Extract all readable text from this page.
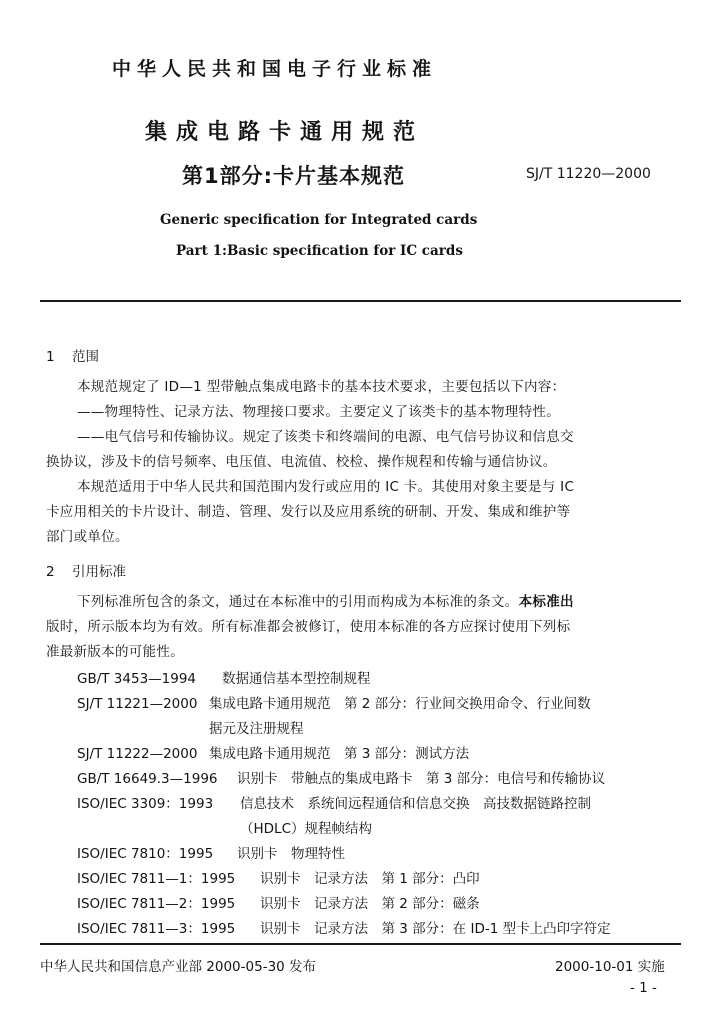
中华人民共和国电子行业标准
集成电路卡通用规范
第1部分:卡片基本规范	SJ/T 11220—2000
Generic specification for Integrated cards
Part 1:Basic specification for IC cards
1 范围
本规范规定了 ID—1 型带触点集成电路卡的基本技术要求，主要包括以下内容：
——物理特性、记录方法、物理接口要求。主要定义了该类卡的基本物理特性。
——电气信号和传输协议。规定了该类卡和终端间的电源、电气信号协议和信息交
换协议，涉及卡的信号频率、电压值、电流值、校检、操作规程和传输与通信协议。
本规范适用于中华人民共和国范围内发行或应用的 IC 卡。其使用对象主要是与 IC
卡应用相关的卡片设计、制造、管理、发行以及应用系统的研制、开发、集成和维护等
部门或单位。
2 引用标准
下列标准所包含的条文，通过在本标准中的引用而构成为本标准的条文。本标准出
版时，所示版本均为有效。所有标准都会被修订，使用本标准的各方应探讨使用下列标
准最新版本的可能性。
GB/T 3453—1994 数据通信基本型控制规程
SJ/T 11221—2000 集成电路卡通用规范　第 2 部分：行业间交换用命令、行业间数
据元及注册规程
SJ/T 11222—2000 集成电路卡通用规范　第 3 部分：测试方法
GB/T 16649.3—1996 识别卡　带触点的集成电路卡　第 3 部分：电信号和传输协议
ISO/IEC 3309：1993 信息技术　系统间远程通信和信息交换　高技数据链路控制
（HDLC）规程帧结构
ISO/IEC 7810：1995 识别卡　物理特性
ISO/IEC 7811—1：1995 识别卡　记录方法　第 1 部分：凸印
ISO/IEC 7811—2：1995 识别卡　记录方法　第 2 部分：磁条
ISO/IEC 7811—3：1995 识别卡　记录方法　第 3 部分：在 ID-1 型卡上凸印字符定
中华人民共和国信息产业部 2000-05-30 发布	2000-10-01 实施
- 1 -
